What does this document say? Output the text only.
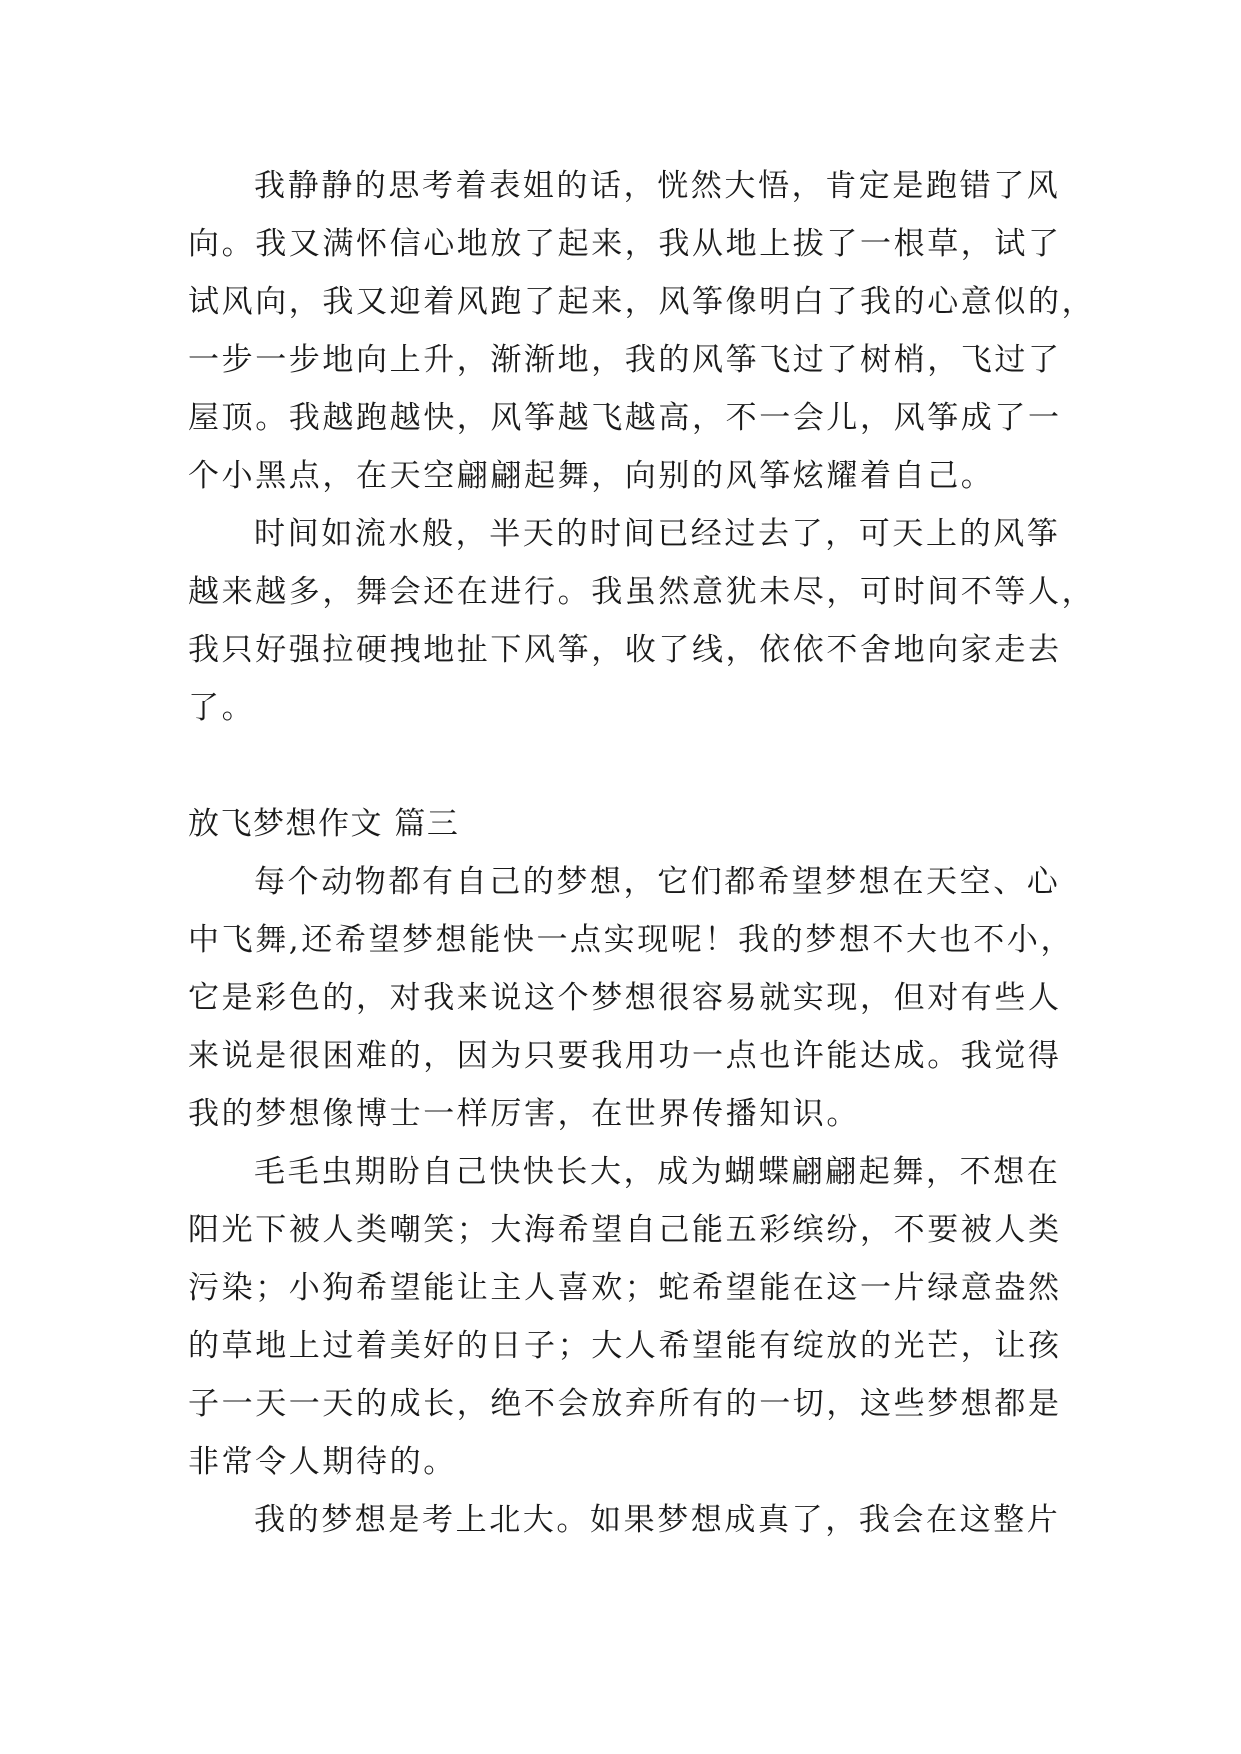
我静静的思考着表姐的话，恍然大悟，肯定是跑错了风
向。我又满怀信心地放了起来，我从地上拔了一根草，试了
试风向，我又迎着风跑了起来，风筝像明白了我的心意似的，
一步一步地向上升，渐渐地，我的风筝飞过了树梢，飞过了
屋顶。我越跑越快，风筝越飞越高，不一会儿，风筝成了一
个小黑点，在天空翩翩起舞，向别的风筝炫耀着自己。
时间如流水般，半天的时间已经过去了，可天上的风筝
越来越多，舞会还在进行。我虽然意犹未尽，可时间不等人，
我只好强拉硬拽地扯下风筝，收了线，依依不舍地向家走去
了。
放飞梦想作文 篇三
每个动物都有自己的梦想，它们都希望梦想在天空、心
中飞舞,还希望梦想能快一点实现呢！我的梦想不大也不小，
它是彩色的，对我来说这个梦想很容易就实现，但对有些人
来说是很困难的，因为只要我用功一点也许能达成。我觉得
我的梦想像博士一样厉害，在世界传播知识。
毛毛虫期盼自己快快长大，成为蝴蝶翩翩起舞，不想在
阳光下被人类嘲笑；大海希望自己能五彩缤纷，不要被人类
污染；小狗希望能让主人喜欢；蛇希望能在这一片绿意盎然
的草地上过着美好的日子；大人希望能有绽放的光芒，让孩
子一天一天的成长，绝不会放弃所有的一切，这些梦想都是
非常令人期待的。
我的梦想是考上北大。如果梦想成真了，我会在这整片
